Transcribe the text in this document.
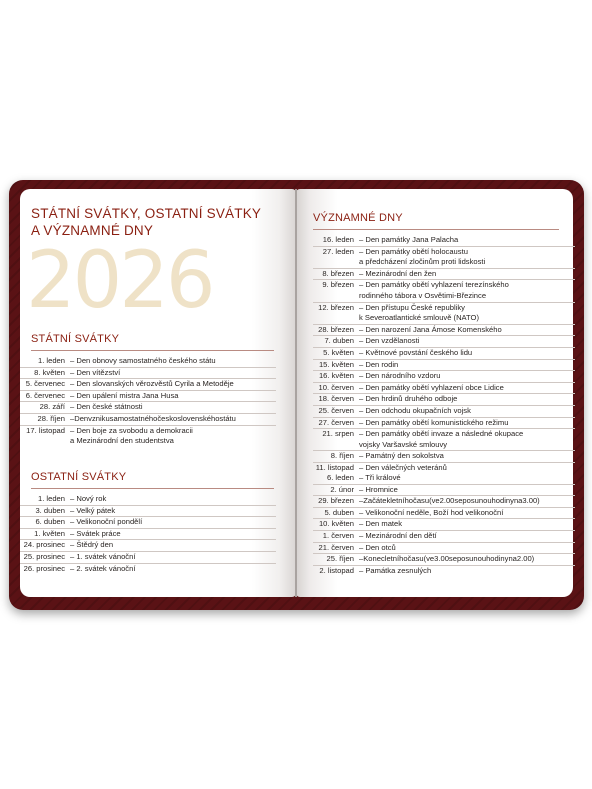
STÁTNÍ SVÁTKY, OSTATNÍ SVÁTKY
A VÝZNAMNÉ DNY
2026
STÁTNÍ SVÁTKY
1. leden – Den obnovy samostatného českého státu
8. květen – Den vítězství
5. červenec – Den slovanských věrozvěstů Cyrila a Metoděje
6. červenec – Den upálení mistra Jana Husa
28. září – Den české státnosti
28. říjen –Denvznikusamostatnéhočeskoslovenskéhostátu
17. listopad – Den boje za svobodu a demokracii
a Mezinárodní den studentstva
OSTATNÍ SVÁTKY
1. leden – Nový rok
3. duben – Velký pátek
6. duben – Velikonoční pondělí
1. květen – Svátek práce
24. prosinec – Štědrý den
25. prosinec – 1. svátek vánoční
26. prosinec – 2. svátek vánoční
VÝZNAMNÉ DNY
16. leden – Den památky Jana Palacha
27. leden – Den památky obětí holocaustu
a předcházení zločinům proti lidskosti
8. březen – Mezinárodní den žen
9. březen – Den památky obětí vyhlazení terezínského
rodinného tábora v Osvětimi-Březince
12. březen – Den přístupu České republiky
k Severoatlantické smlouvě (NATO)
28. březen – Den narození Jana Ámose Komenského
7. duben – Den vzdělanosti
5. květen – Květnové povstání českého lidu
15. květen – Den rodin
16. květen – Den národního vzdoru
10. červen – Den památky obětí vyhlazení obce Lidice
18. červen – Den hrdinů druhého odboje
25. červen – Den odchodu okupačních vojsk
27. červen – Den památky obětí komunistického režimu
21. srpen – Den památky obětí invaze a následné okupace
vojsky Varšavské smlouvy
8. říjen – Památný den sokolstva
11. listopad – Den válečných veteránů
6. leden – Tři králové
2. únor – Hromnice
29. březen –Začátekletníhočasu(ve2.00seposunouhodinyna3.00)
5. duben – Velikonoční neděle, Boží hod velikonoční
10. květen – Den matek
1. červen – Mezinárodní den dětí
21. červen – Den otců
25. říjen –Konecletníhočasu(ve3.00seposunouhodinyna2.00)
2. listopad – Památka zesnulých
